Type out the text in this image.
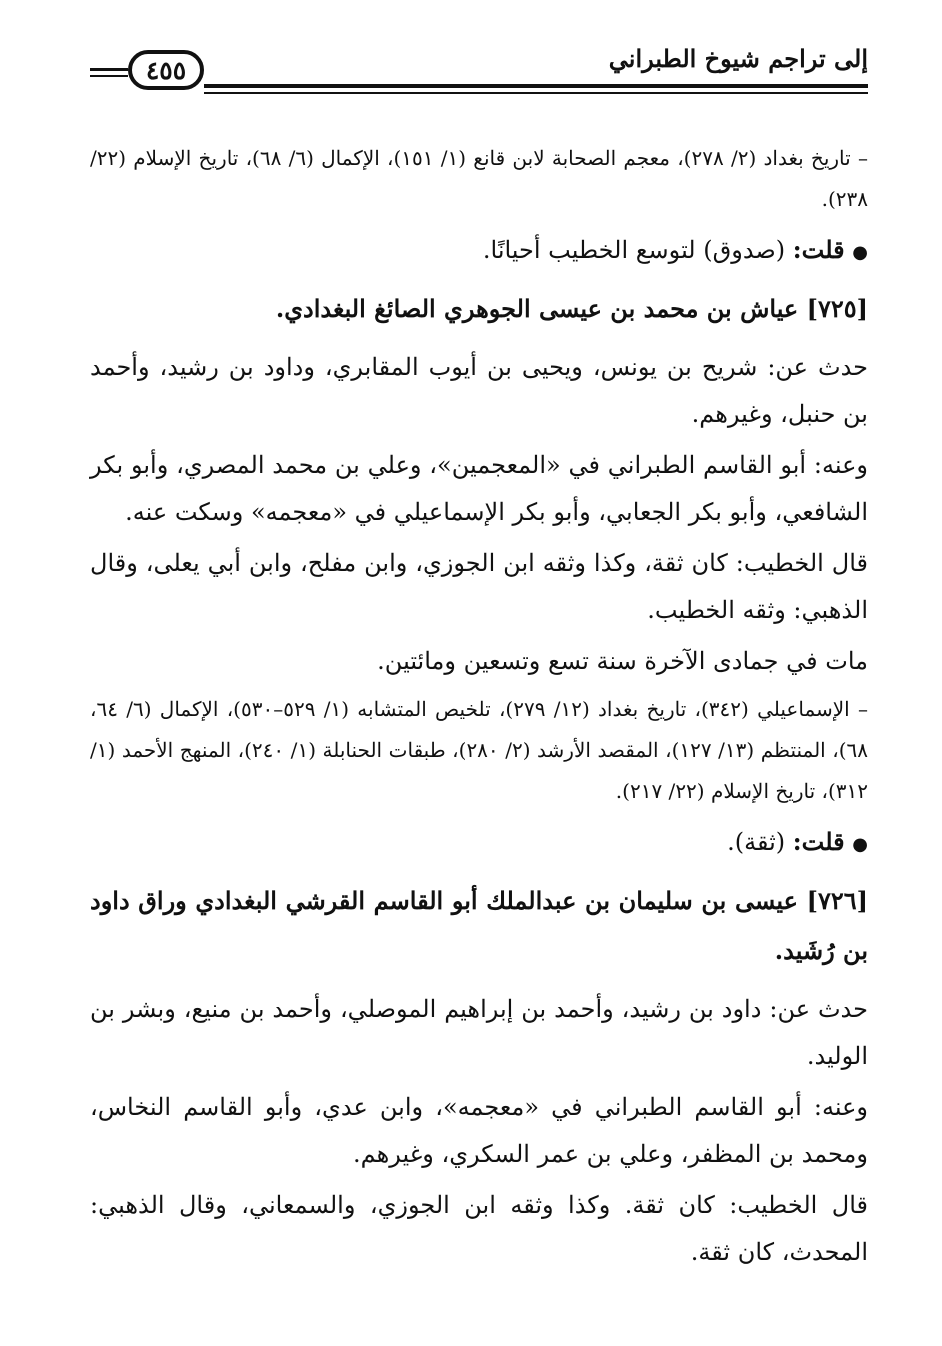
٤٥٥	إلى تراجم شيوخ الطبراني

– تاريخ بغداد (٢/ ٢٧٨)، معجم الصحابة لابن قانع (١/ ١٥١)، الإكمال (٦/ ٦٨)، تاريخ الإسلام (٢٢/ ٢٣٨).

● قلت: (صدوق) لتوسع الخطيب أحيانًا.

[٧٢٥] عياش بن محمد بن عيسى الجوهري الصائغ البغدادي.

حدث عن: شريح بن يونس، ويحيى بن أيوب المقابري، وداود بن رشيد، وأحمد بن حنبل، وغيرهم.

وعنه: أبو القاسم الطبراني في «المعجمين»، وعلي بن محمد المصري، وأبو بكر الشافعي، وأبو بكر الجعابي، وأبو بكر الإسماعيلي في «معجمه» وسكت عنه.

قال الخطيب: كان ثقة، وكذا وثقه ابن الجوزي، وابن مفلح، وابن أبي يعلى، وقال الذهبي: وثقه الخطيب.

مات في جمادى الآخرة سنة تسع وتسعين ومائتين.

– الإسماعيلي (٣٤٢)، تاريخ بغداد (١٢/ ٢٧٩)، تلخيص المتشابه (١/ ٥٢٩–٥٣٠)، الإكمال (٦/ ٦٤، ٦٨)، المنتظم (١٣/ ١٢٧)، المقصد الأرشد (٢/ ٢٨٠)، طبقات الحنابلة (١/ ٢٤٠)، المنهج الأحمد (١/ ٣١٢)، تاريخ الإسلام (٢٢/ ٢١٧).

● قلت: (ثقة).

[٧٢٦] عيسى بن سليمان بن عبدالملك أبو القاسم القرشي البغدادي وراق داود بن رُشَيد.

حدث عن: داود بن رشيد، وأحمد بن إبراهيم الموصلي، وأحمد بن منيع، وبشر بن الوليد.

وعنه: أبو القاسم الطبراني في «معجمه»، وابن عدي، وأبو القاسم النخاس، ومحمد بن المظفر، وعلي بن عمر السكري، وغيرهم.

قال الخطيب: كان ثقة. وكذا وثقه ابن الجوزي، والسمعاني، وقال الذهبي: المحدث، كان ثقة.
